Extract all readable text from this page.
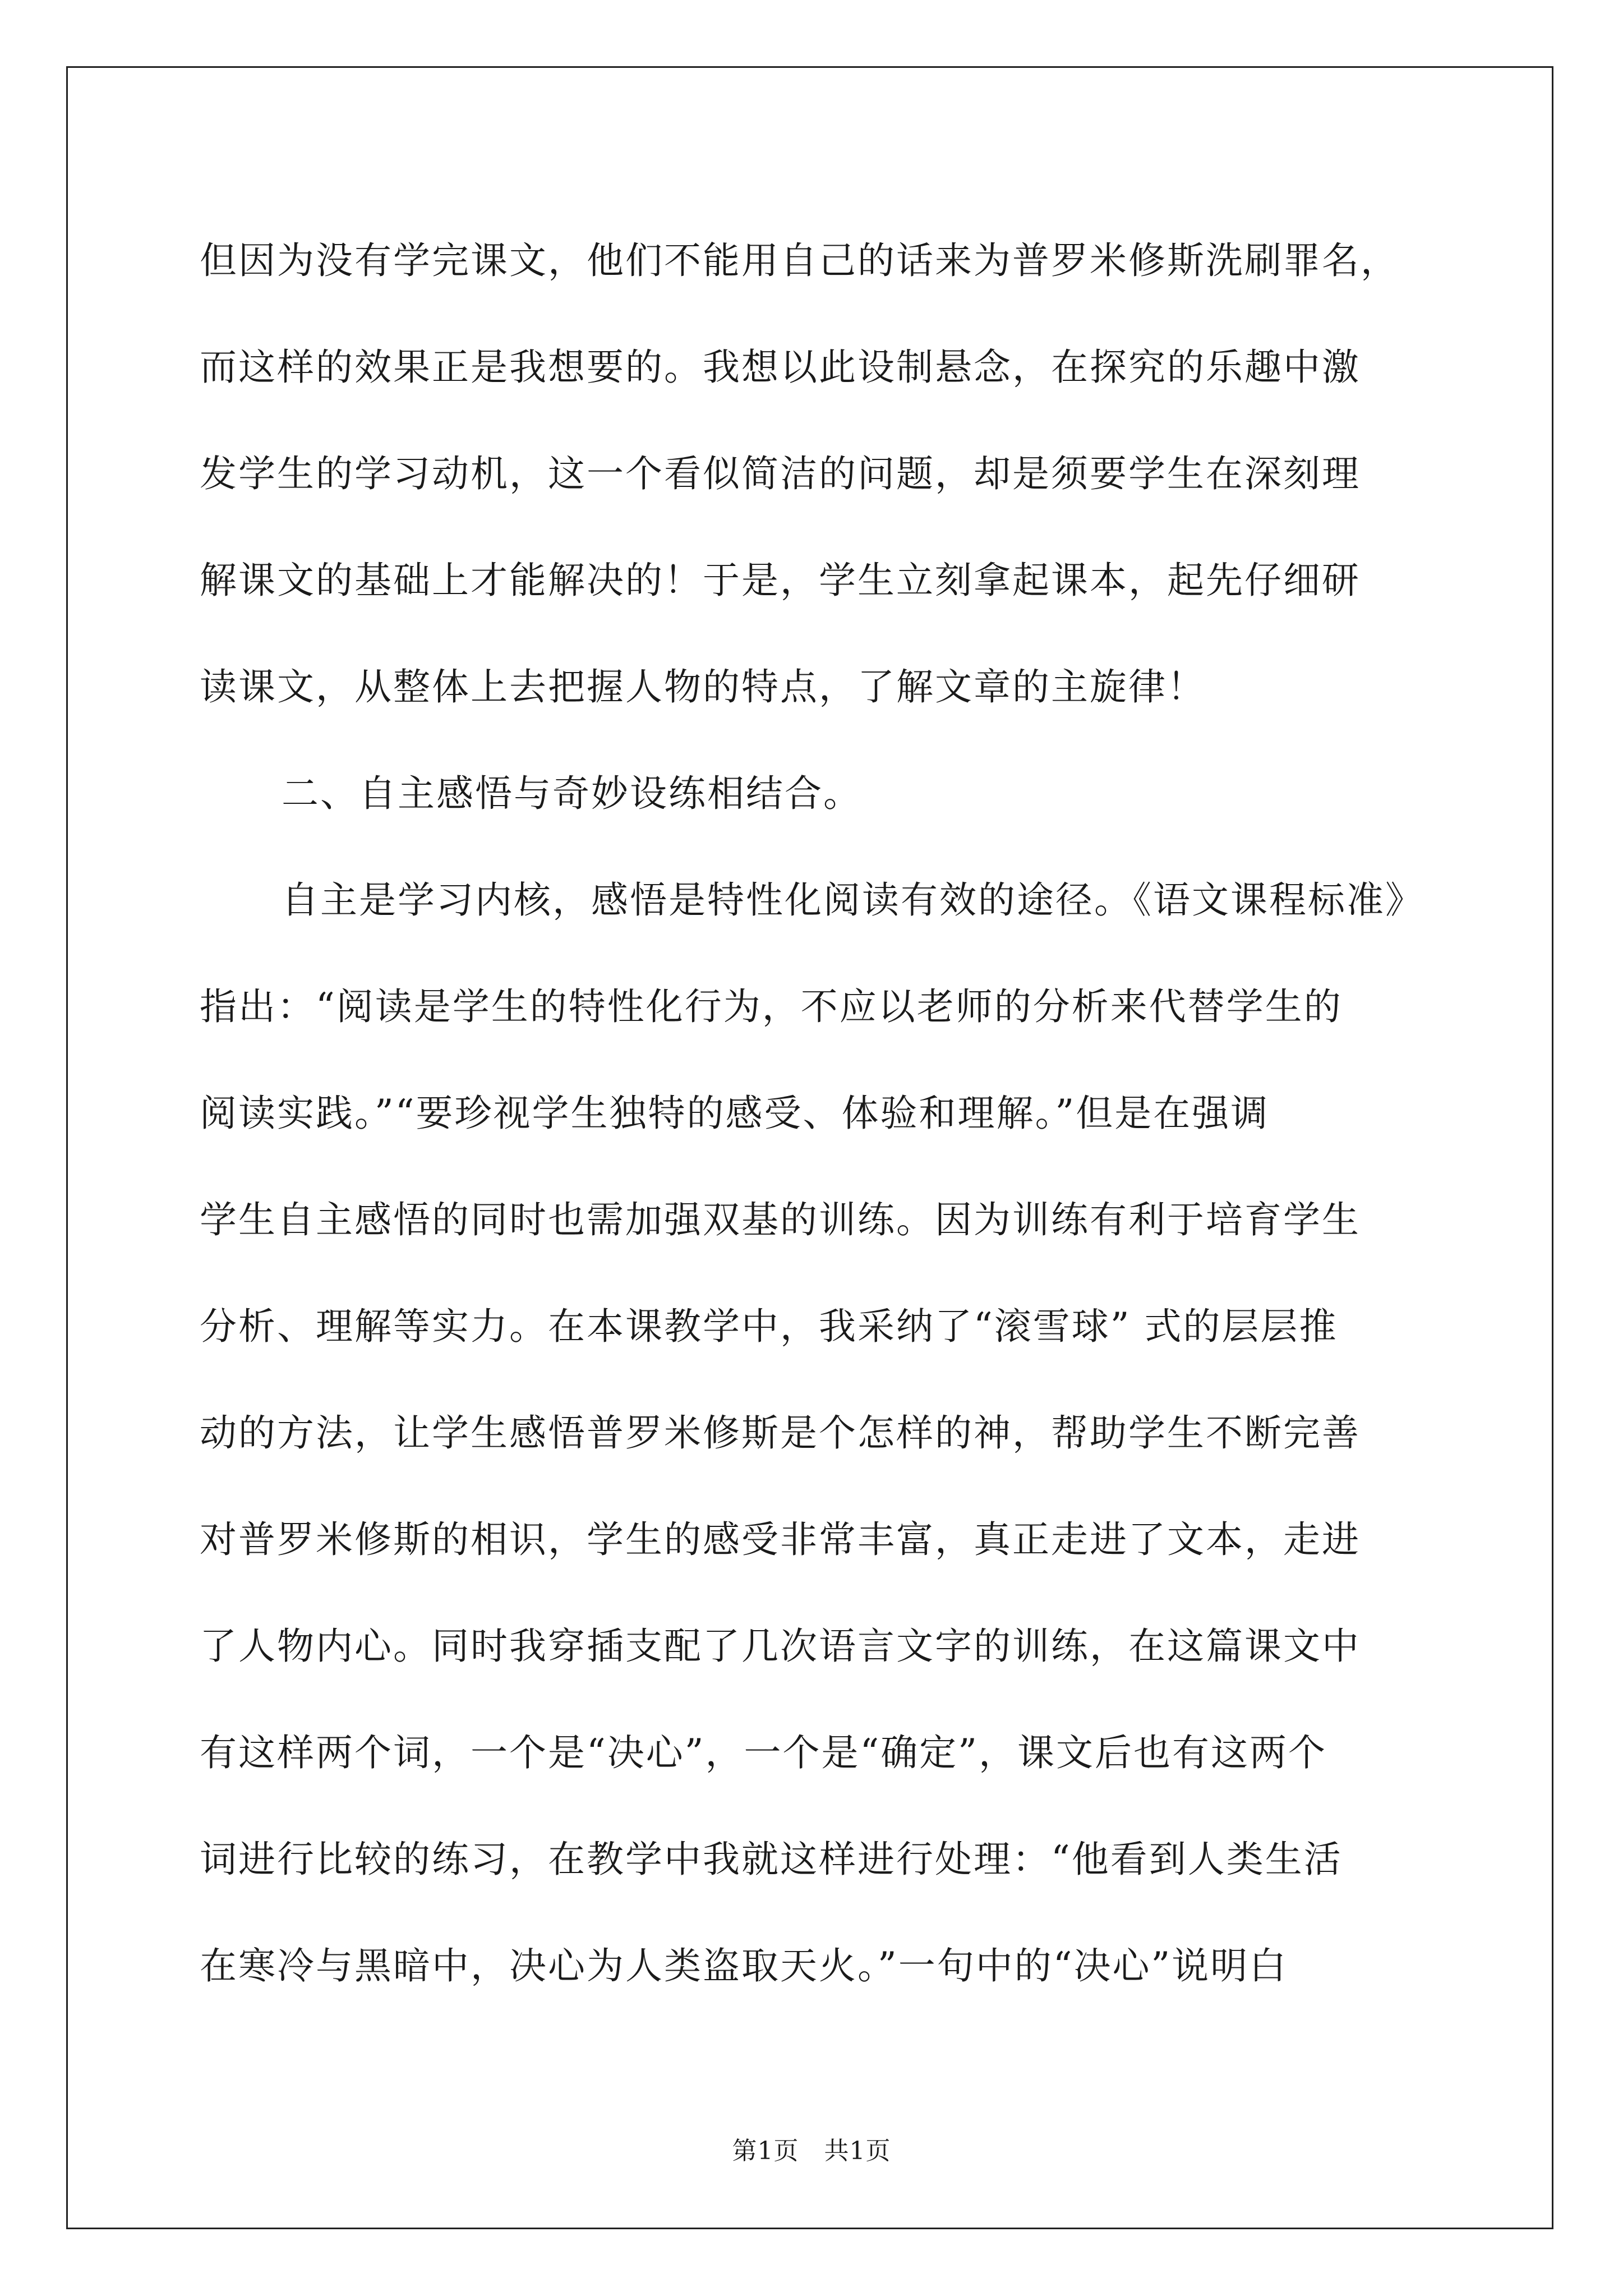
但因为没有学完课文，他们不能用自己的话来为普罗米修斯洗刷罪名，
而这样的效果正是我想要的。我想以此设制悬念，在探究的乐趣中激
发学生的学习动机，这一个看似简洁的问题，却是须要学生在深刻理
解课文的基础上才能解决的！于是，学生立刻拿起课本，起先仔细研
读课文，从整体上去把握人物的特点，了解文章的主旋律！
二、自主感悟与奇妙设练相结合。
自主是学习内核，感悟是特性化阅读有效的途径。《语文课程标准》
指出：“阅读是学生的特性化行为，不应以老师的分析来代替学生的
阅读实践。”“要珍视学生独特的感受、体验和理解。”但是在强调
学生自主感悟的同时也需加强双基的训练。因为训练有利于培育学生
分析、理解等实力。在本课教学中，我采纳了“滚雪球” 式的层层推
动的方法，让学生感悟普罗米修斯是个怎样的神，帮助学生不断完善
对普罗米修斯的相识，学生的感受非常丰富，真正走进了文本，走进
了人物内心。同时我穿插支配了几次语言文字的训练，在这篇课文中
有这样两个词，一个是“决心”，一个是“确定”，课文后也有这两个
词进行比较的练习，在教学中我就这样进行处理：“他看到人类生活
在寒冷与黑暗中，决心为人类盗取天火。”一句中的“决心”说明白
第1页　共1页
